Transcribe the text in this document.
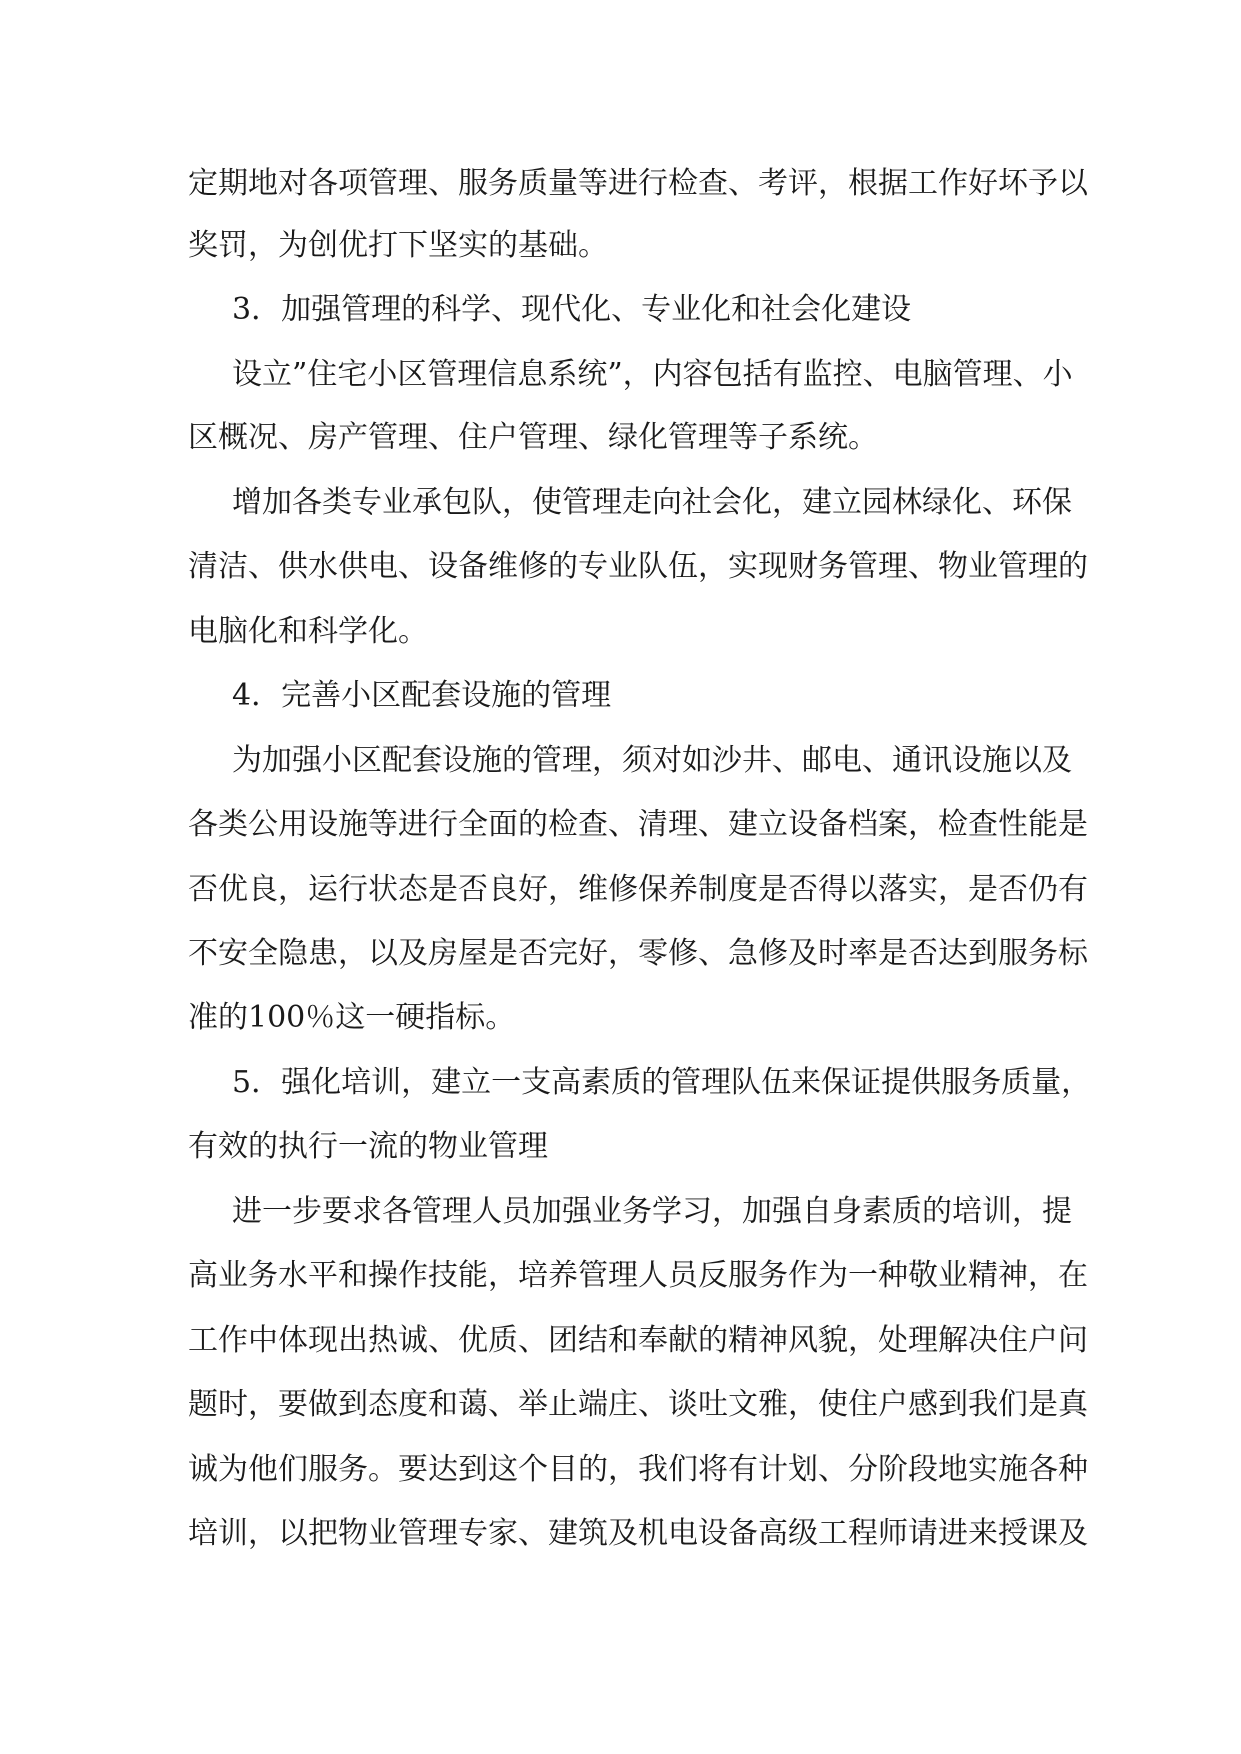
定期地对各项管理、服务质量等进行检查、考评，根据工作好坏予以

奖罚，为创优打下坚实的基础。

3．加强管理的科学、现代化、专业化和社会化建设

设立”住宅小区管理信息系统”，内容包括有监控、电脑管理、小

区概况、房产管理、住户管理、绿化管理等子系统。

增加各类专业承包队，使管理走向社会化，建立园林绿化、环保

清洁、供水供电、设备维修的专业队伍，实现财务管理、物业管理的

电脑化和科学化。

4．完善小区配套设施的管理

为加强小区配套设施的管理，须对如沙井、邮电、通讯设施以及

各类公用设施等进行全面的检查、清理、建立设备档案，检查性能是

否优良，运行状态是否良好，维修保养制度是否得以落实，是否仍有

不安全隐患，以及房屋是否完好，零修、急修及时率是否达到服务标

准的100％这一硬指标。

5．强化培训，建立一支高素质的管理队伍来保证提供服务质量，

有效的执行一流的物业管理

进一步要求各管理人员加强业务学习，加强自身素质的培训，提

高业务水平和操作技能，培养管理人员反服务作为一种敬业精神，在

工作中体现出热诚、优质、团结和奉献的精神风貌，处理解决住户问

题时，要做到态度和蔼、举止端庄、谈吐文雅，使住户感到我们是真

诚为他们服务。要达到这个目的，我们将有计划、分阶段地实施各种

培训，以把物业管理专家、建筑及机电设备高级工程师请进来授课及
